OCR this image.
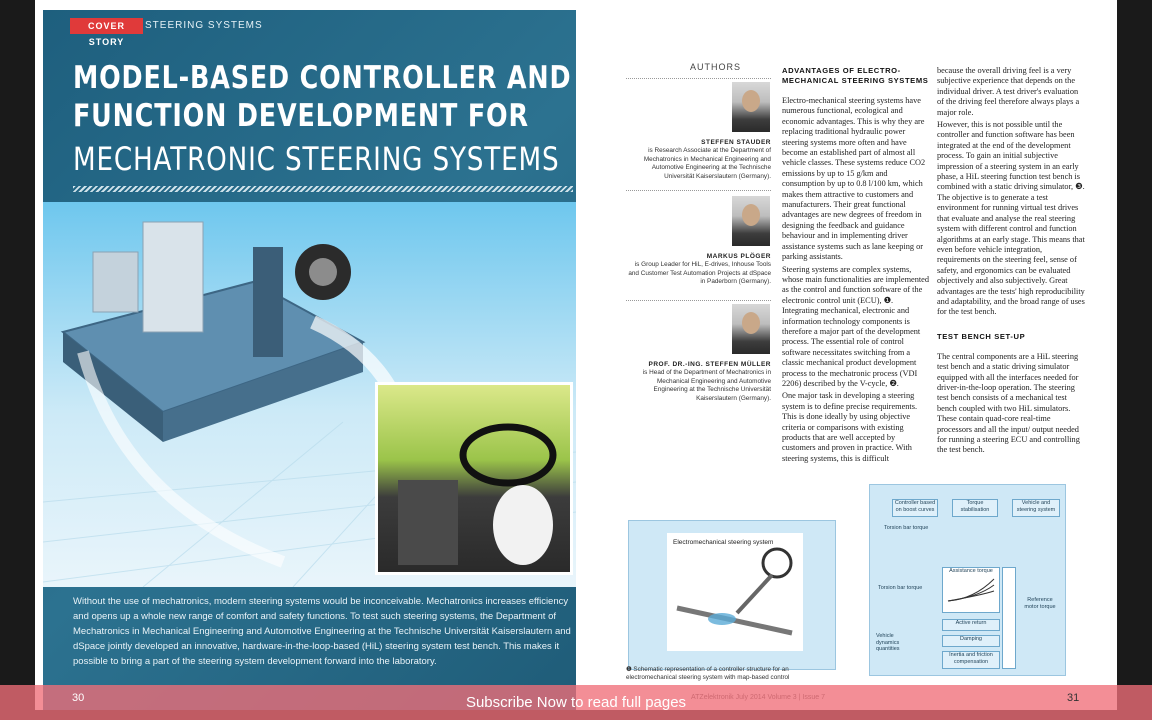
COVER STORY
STEERING SYSTEMS
MODEL-BASED CONTROLLER AND
FUNCTION DEVELOPMENT FOR
MECHATRONIC STEERING SYSTEMS
Without the use of mechatronics, modern steering systems would be inconceivable. Mechatronics increases efficiency and opens up a whole new range of comfort and safety functions. To test such steering systems, the Department of Mechatronics in Mechanical Engineering and Automotive Engineering at the Technische Universität Kaiserslautern and dSpace jointly developed an innovative, hardware-in-the-loop-based (HiL) steering system test bench. This makes it possible to bring a part of the steering system development forward into the laboratory.
AUTHORS
STEFFEN STAUDER
is Research Associate at the Department of Mechatronics in Mechanical Engineering and Automotive Engineering at the Technische Universität Kaiserslautern (Germany).
MARKUS PLÖGER
is Group Leader for HiL, E-drives, Inhouse Tools and Customer Test Automation Projects at dSpace in Paderborn (Germany).
PROF. DR.-ING. STEFFEN MÜLLER
is Head of the Department of Mechatronics in Mechanical Engineering and Automotive Engineering at the Technische Universität Kaiserslautern (Germany).

ADVANTAGES OF ELECTRO-MECHANICAL STEERING SYSTEMS

Electro-mechanical steering systems have numerous functional, ecological and economic advantages. This is why they are replacing traditional hydraulic power steering systems more often and have become an established part of almost all vehicle classes. These systems reduce CO2 emissions by up to 15 g/km and consumption by up to 0.8 l/100 km, which makes them attractive to customers and manufacturers. Their great functional advantages are new degrees of freedom in designing the feedback and guidance behaviour and in implementing driver assistance systems such as lane keeping or parking assistants.

Steering systems are complex systems, whose main functionalities are implemented as the control and function software of the electronic control unit (ECU), ❶. Integrating mechanical, electronic and information technology components is therefore a major part of the development process. The essential role of control software necessitates switching from a classic mechanical product development process to the mechatronic process (VDI 2206) described by the V-cycle, ❷.

One major task in developing a steering system is to define precise requirements. This is done ideally by using objective criteria or comparisons with existing products that are well accepted by customers and proven in practice. With steering systems, this is difficult

because the overall driving feel is a very subjective experience that depends on the individual driver. A test driver's evaluation of the driving feel therefore always plays a major role.

However, this is not possible until the controller and function software has been integrated at the end of the development process. To gain an initial subjective impression of a steering system in an early phase, a HiL steering function test bench is combined with a static driving simulator, ❸. The objective is to generate a test environment for running virtual test drives that evaluate and analyse the real steering system with different control and function algorithms at an early stage. This means that even before vehicle integration, requirements on the steering feel, sense of safety, and ergonomics can be evaluated objectively and also subjectively. Great advantages are the tests' high reproducibility and adaptability, and the broad range of uses for the test bench.

TEST BENCH SET-UP

The central components are a HiL steering test bench and a static driving simulator equipped with all the interfaces needed for driver-in-the-loop operation. The steering test bench consists of a mechanical test bench coupled with two HiL simulators. These contain quad-core real-time processors and all the input/ output needed for running a steering ECU and controlling the test bench.

Electromechanical steering system
❶ Schematic representation of a controller structure for an electromechanical steering system with map-based control
Controller based on boost curves
Torque stabilisation
Vehicle and steering system
Torsion bar torque
Torsion bar torque
Assistance torque
Active return
Damping
Inertia and friction compensation
Vehicle dynamics quantities
Reference motor torque
Subscribe Now to read full pages
30	31
